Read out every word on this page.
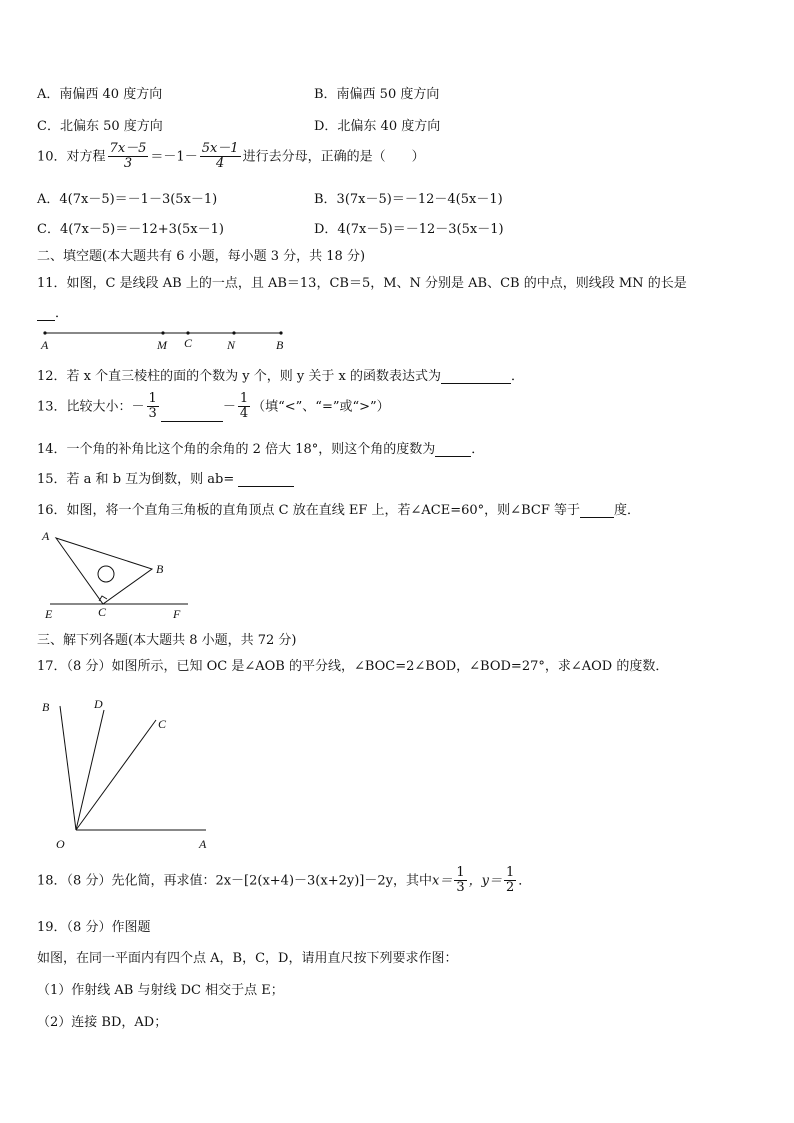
A．南偏西 40 度方向	B．南偏西 50 度方向
C．北偏东 50 度方向	D．北偏东 40 度方向
10．对方程 $\frac{7x-5}{3} =-1- \frac{5x-1}{4}$ 进行去分母，正确的是（　　）
A．4(7x－5)＝－1－3(5x－1)	B．3(7x－5)＝－12－4(5x－1)
C．4(7x－5)＝－12+3(5x－1)	D．4(7x－5)＝－12－3(5x－1)
二、填空题(本大题共有 6 小题，每小题 3 分，共 18 分)
11．如图，C 是线段 AB 上的一点，且 AB＝13，CB＝5，M、N 分别是 AB、CB 的中点，则线段 MN 的长是
．
A	M C	N	B
12．若 x 个直三棱柱的面的个数为 y 个，则 y 关于 x 的函数表达式为	．
13．比较大小：－ $\frac{1}{3}$	－ $\frac{1}{4}$ （填“<”、“=”或“>”）
14．一个角的补角比这个角的余角的 2 倍大 18°，则这个角的度数为	．
15．若 a 和 b 互为倒数，则 ab=
16．如图，将一个直角三角板的直角顶点 C 放在直线 EF 上，若∠ACE=60°，则∠BCF 等于	度．
A
B
E	C	F
三、解下列各题(本大题共 8 小题，共 72 分)
17．（8 分）如图所示，已知 OC 是∠AOB 的平分线，∠BOC=2∠BOD，∠BOD=27°，求∠AOD 的度数．
B	D
C
O	A
18．（8 分）先化简，再求值：2x－[2(x+4)－3(x+2y)]－2y，其中$x= \frac{1}{3}$ ，$y= \frac{1}{2}$ ．
19．（8 分）作图题
如图，在同一平面内有四个点 A，B，C，D，请用直尺按下列要求作图：
（1）作射线 AB 与射线 DC 相交于点 E；
（2）连接 BD，AD；
